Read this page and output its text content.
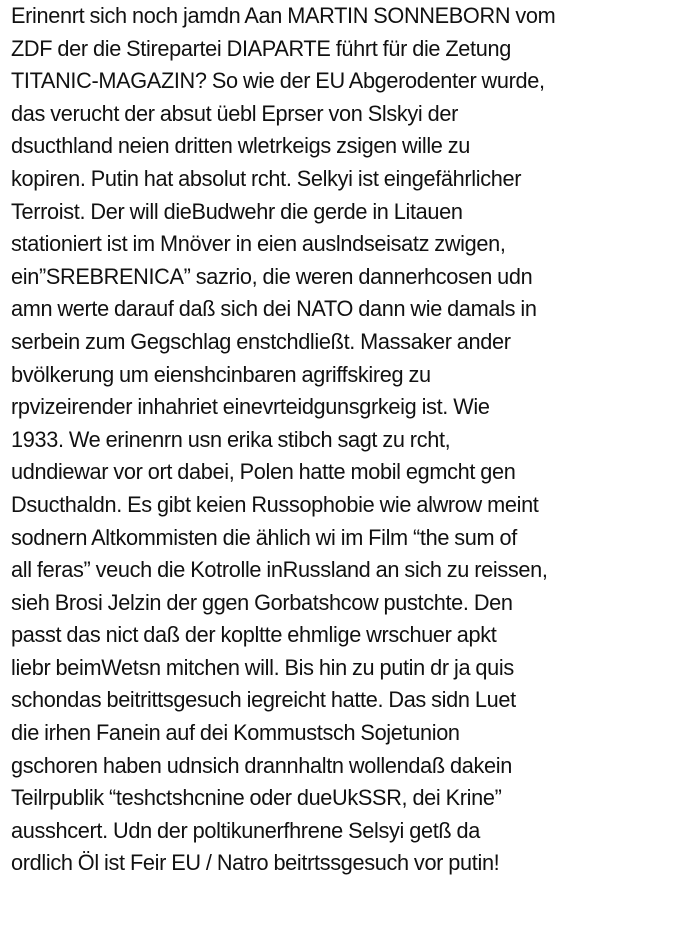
Erinenrt sich noch jamdn Aan MARTIN SONNEBORN vom
ZDF der die Stirepartei DIAPARTE führt für die Zetung
TITANIC-MAGAZIN? So wie der EU Abgerodenter wurde,
das verucht der absut üebl Eprser von Slskyi der
dsucthland neien dritten wletrkeigs zsigen wille zu
kopiren. Putin hat absolut rcht. Selkyi ist eingefährlicher
Terroist. Der will dieBudwehr die gerde in Litauen
stationiert ist im Mnöver in eien auslndseisatz zwigen,
ein”SREBRENICA” sazrio, die weren dannerhcosen udn
amn werte darauf daß sich dei NATO dann wie damals in
serbein zum Gegschlag enstchdließt. Massaker ander
bvölkerung um eienshcinbaren agriffskireg zu
rpvizeirender inhahriet einevrteidgunsgrkeig ist. Wie
1933. We erinenrn usn erika stibch sagt zu rcht,
udndiewar vor ort dabei, Polen hatte mobil egmcht gen
Dsucthaldn. Es gibt keien Russophobie wie alwrow meint
sodnern Altkommisten die ählich wi im Film “the sum of
all feras” veuch die Kotrolle inRussland an sich zu reissen,
sieh Brosi Jelzin der ggen Gorbatshcow pustchte. Den
passt das nict daß der kopltte ehmlige wrschuer apkt
liebr beimWetsn mitchen will. Bis hin zu putin dr ja quis
schondas beitrittsgesuch iegreicht hatte. Das sidn Luet
die irhen Fanein auf dei Kommustsch Sojetunion
gschoren haben udnsich drannhaltn wollendaß dakein
Teilrpublik “teshctshcnine oder dueUkSSR, dei Krine”
ausshcert. Udn der poltikunerfhrene Selsyi getß da
ordlich Öl ist Feir EU / Natro beitrtssgesuch vor putin!
